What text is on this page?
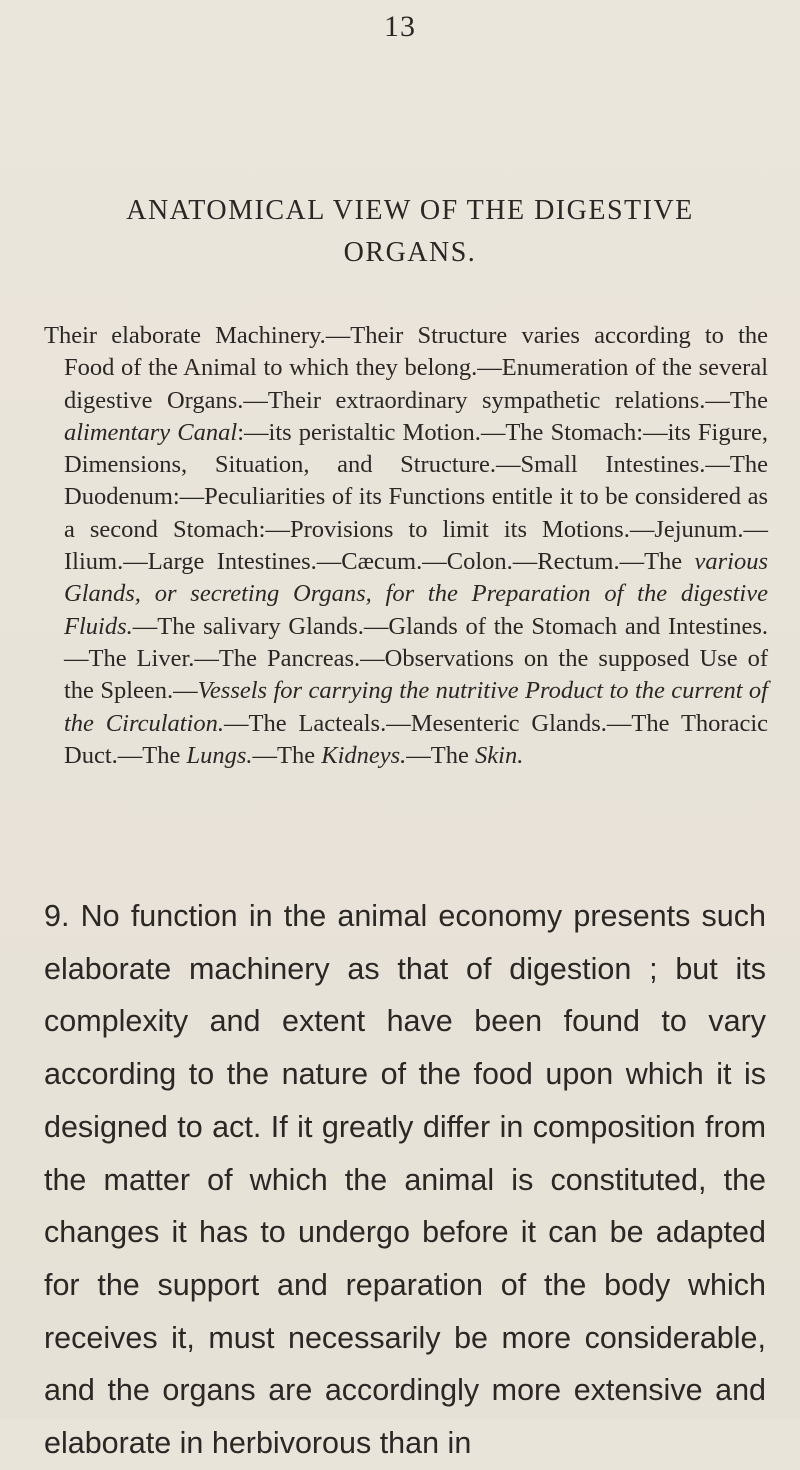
13
ANATOMICAL VIEW OF THE DIGESTIVE
ORGANS.
Their elaborate Machinery.—Their Structure varies according to the Food of the Animal to which they belong.—Enumeration of the several digestive Organs.—Their extraordinary sympathetic relations.—The alimentary Canal:—its peristaltic Motion.—The Stomach:—its Figure, Dimensions, Situation, and Structure.—Small Intestines.—The Duodenum:—Peculiarities of its Functions entitle it to be considered as a second Stomach:—Provisions to limit its Motions.—Jejunum.—Ilium.—Large Intestines.—Cæcum.—Colon.—Rectum.—The various Glands, or secreting Organs, for the Preparation of the digestive Fluids.—The salivary Glands.—Glands of the Stomach and Intestines.—The Liver.—The Pancreas.—Observations on the supposed Use of the Spleen.—Vessels for carrying the nutritive Product to the current of the Circulation.—The Lacteals.—Mesenteric Glands.—The Thoracic Duct.—The Lungs.—The Kidneys.—The Skin.
9. No function in the animal economy presents such elaborate machinery as that of digestion ; but its complexity and extent have been found to vary according to the nature of the food upon which it is designed to act. If it greatly differ in composition from the matter of which the animal is constituted, the changes it has to undergo before it can be adapted for the support and reparation of the body which receives it, must necessarily be more considerable, and the organs are accordingly more extensive and elaborate in herbivorous than in
